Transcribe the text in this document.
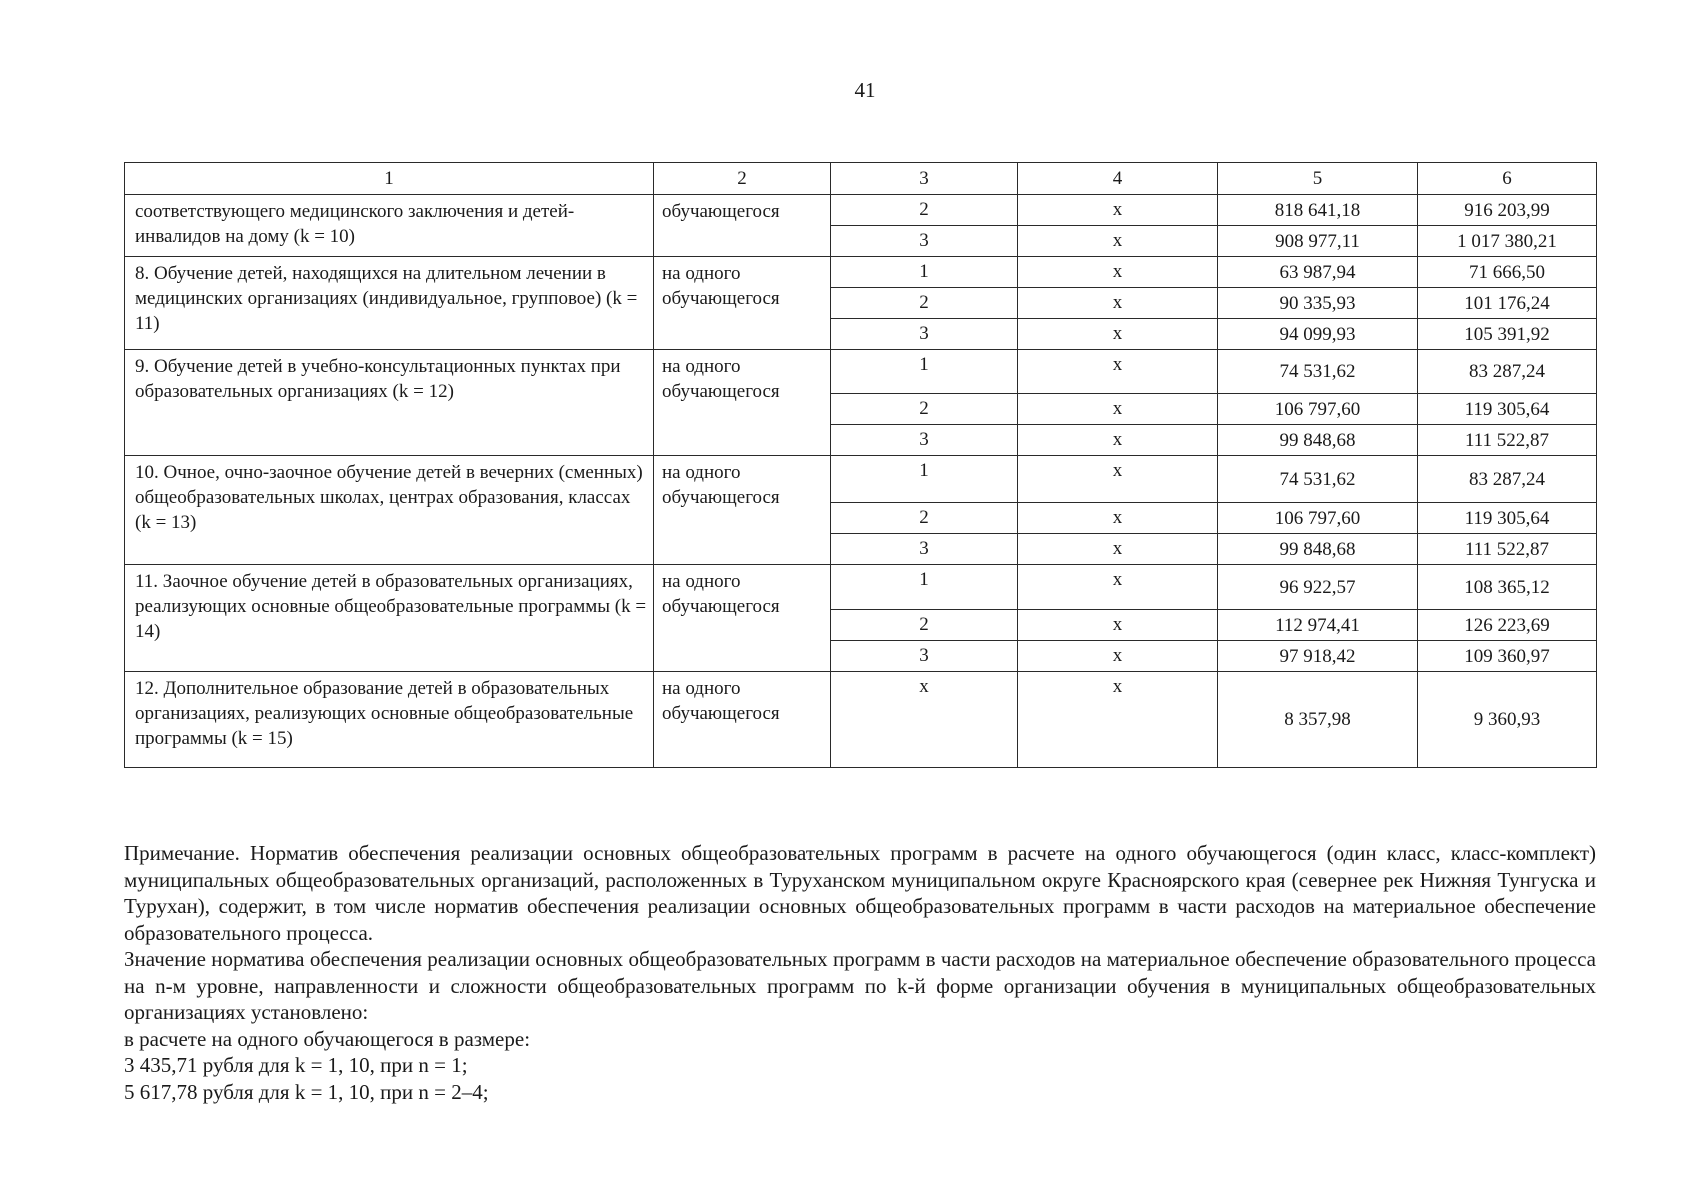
41
1	2	3	4	5	6
соответствующего медицинского заключения и детей-инвалидов на дому (k = 10)	обучающегося	2	х	818 641,18	916 203,99
		3	х	908 977,11	1 017 380,21
8. Обучение детей, находящихся на длительном лечении в медицинских организациях (индивидуальное, групповое) (k = 11)	на одного обучающегося	1	х	63 987,94	71 666,50
		2	х	90 335,93	101 176,24
		3	х	94 099,93	105 391,92
9. Обучение детей в учебно-консультационных пунктах при образовательных организациях (k = 12)	на одного обучающегося	1	х	74 531,62	83 287,24
		2	х	106 797,60	119 305,64
		3	х	99 848,68	111 522,87
10. Очное, очно-заочное обучение детей в вечерних (сменных) общеобразовательных школах, центрах образования, классах (k = 13)	на одного обучающегося	1	х	74 531,62	83 287,24
		2	х	106 797,60	119 305,64
		3	х	99 848,68	111 522,87
11. Заочное обучение детей в образовательных организациях, реализующих основные общеобразовательные программы (k = 14)	на одного обучающегося	1	х	96 922,57	108 365,12
		2	х	112 974,41	126 223,69
		3	х	97 918,42	109 360,97
12. Дополнительное образование детей в образовательных организациях, реализующих основные общеобразовательные программы (k = 15)	на одного обучающегося	х	х	8 357,98	9 360,93

Примечание. Норматив обеспечения реализации основных общеобразовательных программ в расчете на одного обучающегося (один класс, класс-комплект) муниципальных общеобразовательных организаций, расположенных в Туруханском муниципальном округе Красноярского края (севернее рек Нижняя Тунгуска и Турухан), содержит, в том числе норматив обеспечения реализации основных общеобразовательных программ в части расходов на материальное обеспечение образовательного процесса.

Значение норматива обеспечения реализации основных общеобразовательных программ в части расходов на материальное обеспечение образовательного процесса на n-м уровне, направленности и сложности общеобразовательных программ по k-й форме организации обучения в муниципальных общеобразовательных организациях установлено:

в расчете на одного обучающегося в размере:

3 435,71 рубля для k = 1, 10, при n = 1;

5 617,78 рубля для k = 1, 10, при n = 2–4;
